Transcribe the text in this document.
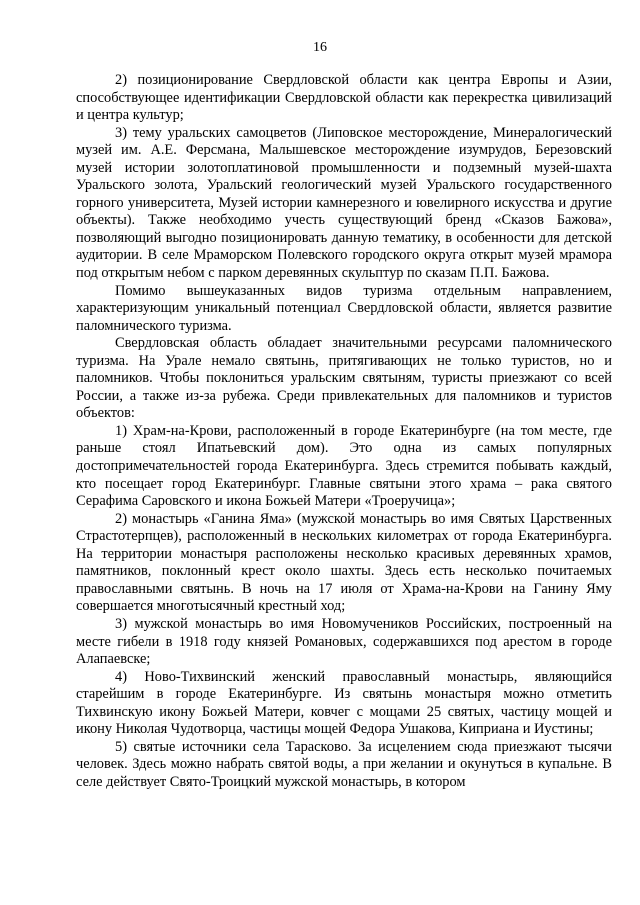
16

2) позиционирование Свердловской области как центра Европы и Азии, способствующее идентификации Свердловской области как перекрестка цивилизаций и центра культур;

3) тему уральских самоцветов (Липовское месторождение, Минералогический музей им. А.Е. Ферсмана, Малышевское месторождение изумрудов, Березовский музей истории золотоплатиновой промышленности и подземный музей-шахта Уральского золота, Уральский геологический музей Уральского государственного горного университета, Музей истории камнерезного и ювелирного искусства и другие объекты). Также необходимо учесть существующий бренд «Сказов Бажова», позволяющий выгодно позиционировать данную тематику, в особенности для детской аудитории. В селе Мраморском Полевского городского округа открыт музей мрамора под открытым небом с парком деревянных скульптур по сказам П.П. Бажова.

Помимо вышеуказанных видов туризма отдельным направлением, характеризующим уникальный потенциал Свердловской области, является развитие паломнического туризма.

Свердловская область обладает значительными ресурсами паломнического туризма. На Урале немало святынь, притягивающих не только туристов, но и паломников. Чтобы поклониться уральским святыням, туристы приезжают со всей России, а также из-за рубежа. Среди привлекательных для паломников и туристов объектов:

1) Храм-на-Крови, расположенный в городе Екатеринбурге (на том месте, где раньше стоял Ипатьевский дом). Это одна из самых популярных достопримечательностей города Екатеринбурга. Здесь стремится побывать каждый, кто посещает город Екатеринбург. Главные святыни этого храма – рака святого Серафима Саровского и икона Божьей Матери «Троеручица»;

2) монастырь «Ганина Яма» (мужской монастырь во имя Святых Царственных Страстотерпцев), расположенный в нескольких километрах от города Екатеринбурга. На территории монастыря расположены несколько красивых деревянных храмов, памятников, поклонный крест около шахты. Здесь есть несколько почитаемых православными святынь. В ночь на 17 июля от Храма-на-Крови на Ганину Яму совершается многотысячный крестный ход;

3) мужской монастырь во имя Новомучеников Российских, построенный на месте гибели в 1918 году князей Романовых, содержавшихся под арестом в городе Алапаевске;

4) Ново-Тихвинский женский православный монастырь, являющийся старейшим в городе Екатеринбурге. Из святынь монастыря можно отметить Тихвинскую икону Божьей Матери, ковчег с мощами 25 святых, частицу мощей и икону Николая Чудотворца, частицы мощей Федора Ушакова, Киприана и Иустины;

5) святые источники села Тарасково. За исцелением сюда приезжают тысячи человек. Здесь можно набрать святой воды, а при желании и окунуться в купальне. В селе действует Свято-Троицкий мужской монастырь, в котором
